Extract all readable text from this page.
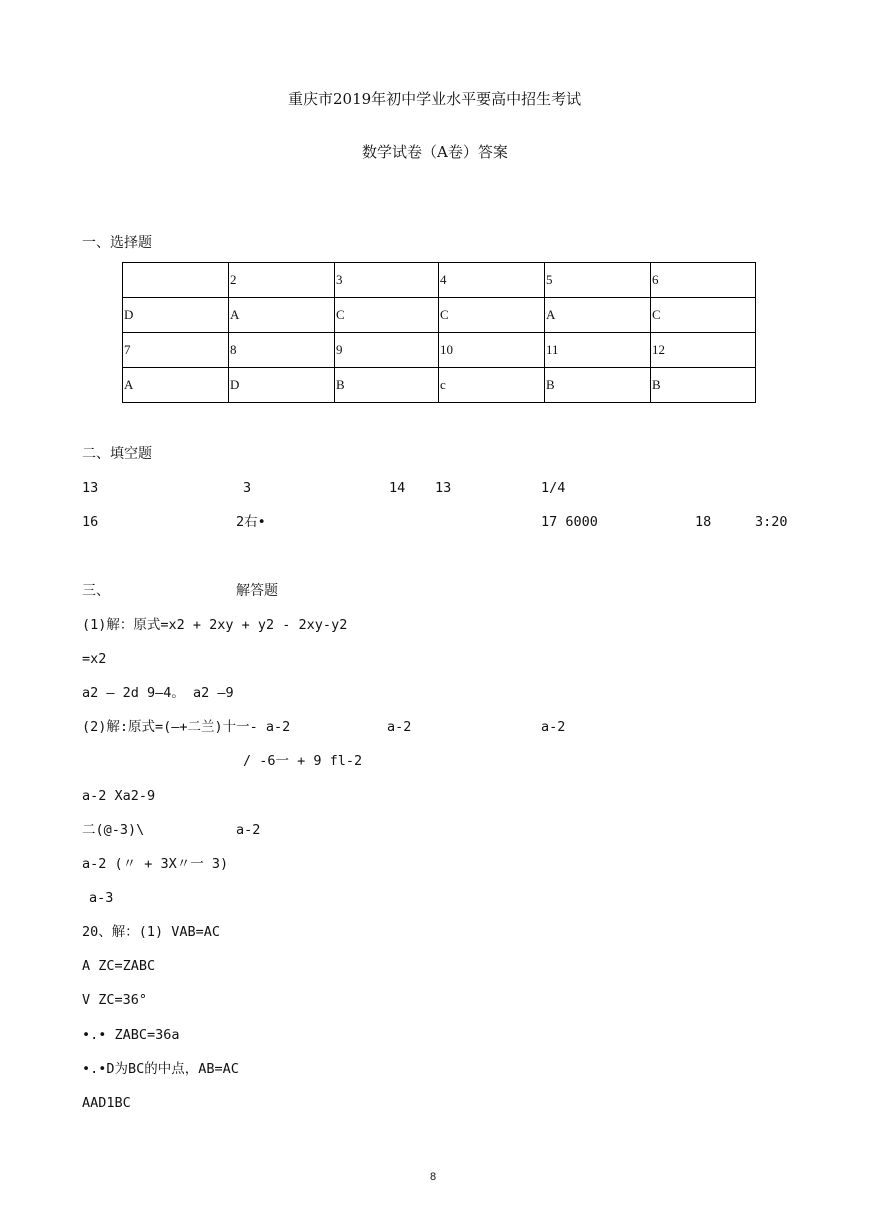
重庆市2019年初中学业水平要高中招生考试
数学试卷（A卷）答案
一、选择题
	2	3	4	5	6
D	A	C	C	A	C
7	8	9	10	11	12
A	D	B	c	B	B
二、填空题
13	3	14 13	1/4
16	2右•	17 6000	18	3:20
三、	解答题
(1)解：原式=x2 + 2xy + y2 - 2xy-y2
=x2
a2 — 2d 9—4。 a2 —9
(2)解:原式=(—+二兰)十一- a-2	a-2	a-2
/ -6一 + 9 fl-2
a-2 Xa2-9
二(@-3)\	a-2
a-2 (〃 + 3X〃一 3)
a-3
20、解：(1) VAB=AC
A ZC=ZABC
V ZC=36°
•.• ZABC=36a
•.•D为BC的中点，AB=AC
AAD1BC
8
